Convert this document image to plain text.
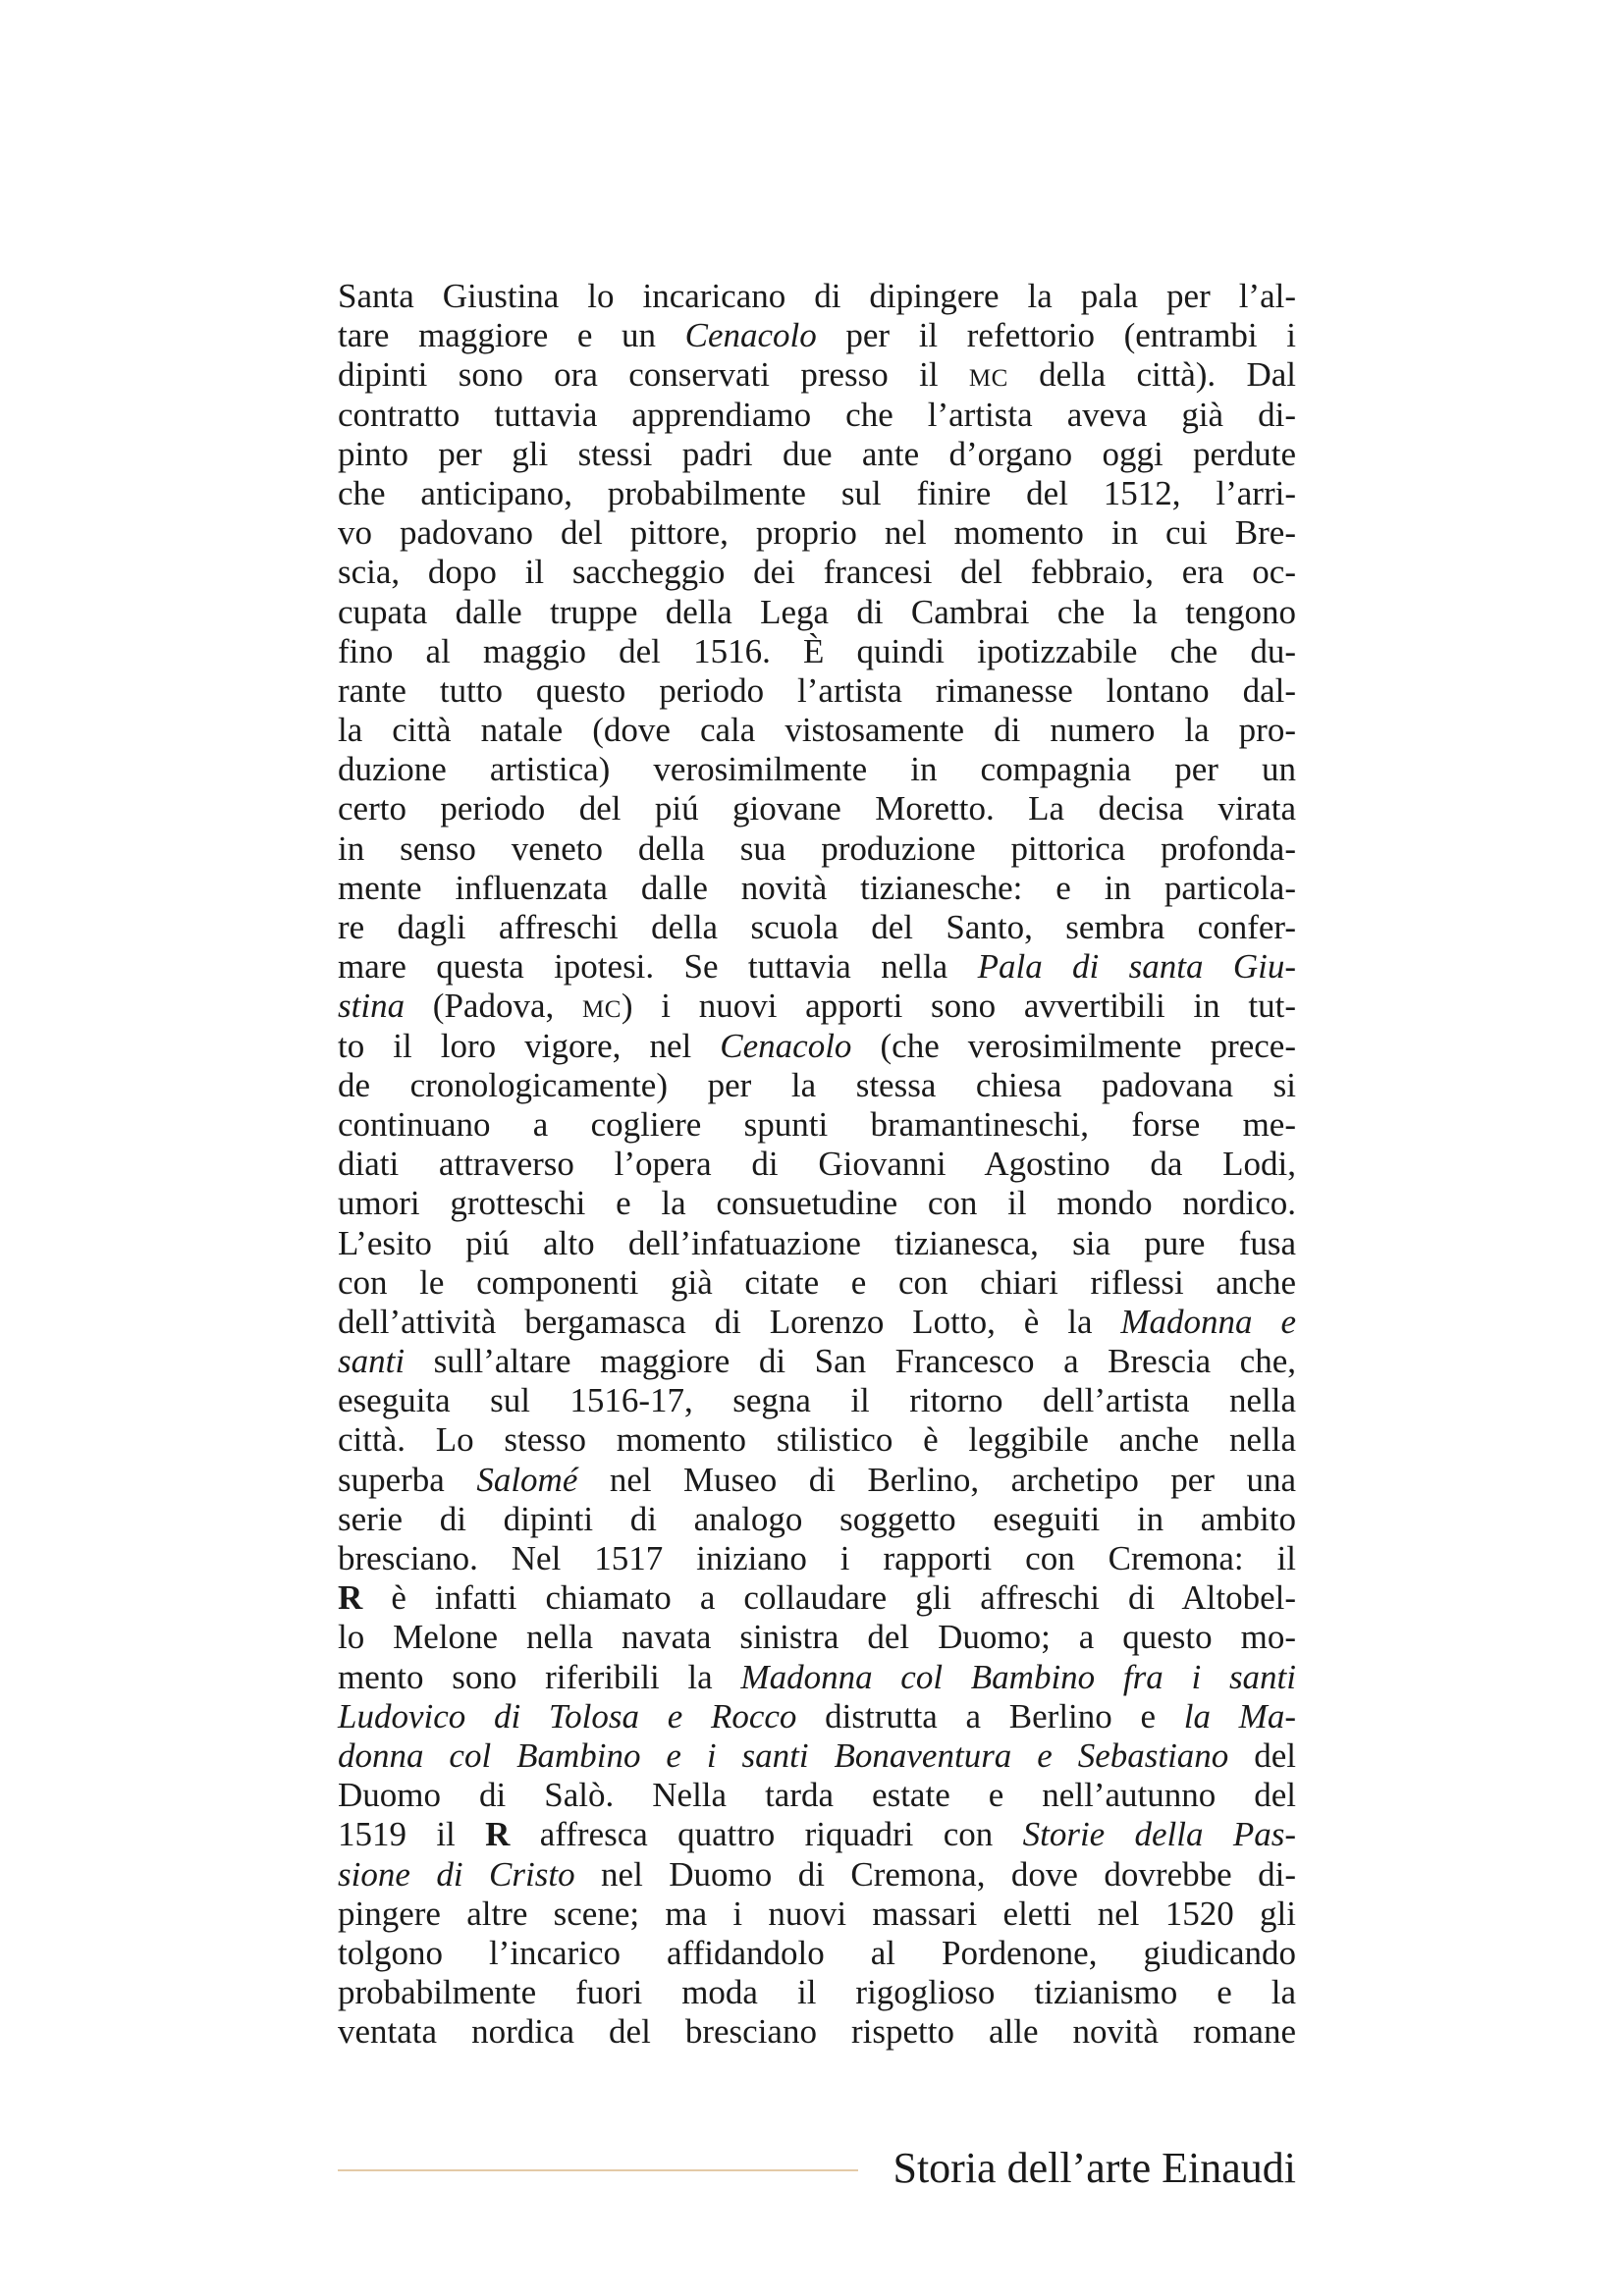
Santa Giustina lo incaricano di dipingere la pala per l’al-
tare maggiore e un Cenacolo per il refettorio (entrambi i
dipinti sono ora conservati presso il mc della città). Dal
contratto tuttavia apprendiamo che l’artista aveva già di-
pinto per gli stessi padri due ante d’organo oggi perdute
che anticipano, probabilmente sul finire del 1512, l’arri-
vo padovano del pittore, proprio nel momento in cui Bre-
scia, dopo il saccheggio dei francesi del febbraio, era oc-
cupata dalle truppe della Lega di Cambrai che la tengono
fino al maggio del 1516. È quindi ipotizzabile che du-
rante tutto questo periodo l’artista rimanesse lontano dal-
la città natale (dove cala vistosamente di numero la pro-
duzione artistica) verosimilmente in compagnia per un
certo periodo del piú giovane Moretto. La decisa virata
in senso veneto della sua produzione pittorica profonda-
mente influenzata dalle novità tizianesche: e in particola-
re dagli affreschi della scuola del Santo, sembra confer-
mare questa ipotesi. Se tuttavia nella Pala di santa Giu-
stina (Padova, mc) i nuovi apporti sono avvertibili in tut-
to il loro vigore, nel Cenacolo (che verosimilmente prece-
de cronologicamente) per la stessa chiesa padovana si
continuano a cogliere spunti bramantineschi, forse me-
diati attraverso l’opera di Giovanni Agostino da Lodi,
umori grotteschi e la consuetudine con il mondo nordico.
L’esito piú alto dell’infatuazione tizianesca, sia pure fusa
con le componenti già citate e con chiari riflessi anche
dell’attività bergamasca di Lorenzo Lotto, è la Madonna e
santi sull’altare maggiore di San Francesco a Brescia che,
eseguita sul 1516-17, segna il ritorno dell’artista nella
città. Lo stesso momento stilistico è leggibile anche nella
superba Salomé nel Museo di Berlino, archetipo per una
serie di dipinti di analogo soggetto eseguiti in ambito
bresciano. Nel 1517 iniziano i rapporti con Cremona: il
R è infatti chiamato a collaudare gli affreschi di Altobel-
lo Melone nella navata sinistra del Duomo; a questo mo-
mento sono riferibili la Madonna col Bambino fra i santi
Ludovico di Tolosa e Rocco distrutta a Berlino e la Ma-
donna col Bambino e i santi Bonaventura e Sebastiano del
Duomo di Salò. Nella tarda estate e nell’autunno del
1519 il R affresca quattro riquadri con Storie della Pas-
sione di Cristo nel Duomo di Cremona, dove dovrebbe di-
pingere altre scene; ma i nuovi massari eletti nel 1520 gli
tolgono l’incarico affidandolo al Pordenone, giudicando
probabilmente fuori moda il rigoglioso tizianismo e la
ventata nordica del bresciano rispetto alle novità romane
Storia dell’arte Einaudi
